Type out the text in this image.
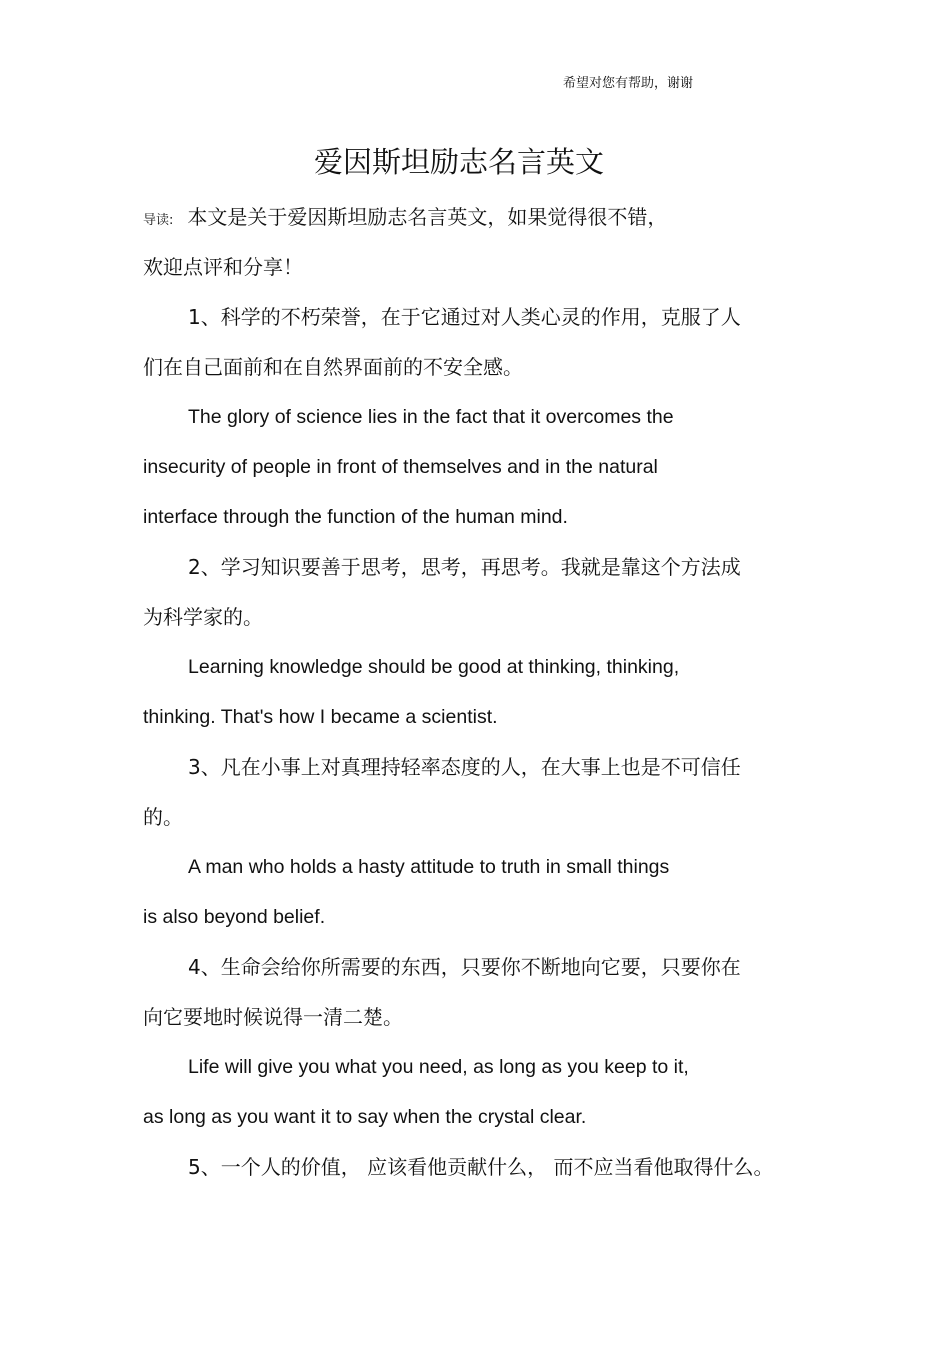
希望对您有帮助，谢谢
爱因斯坦励志名言英文
导读: 本文是关于爱因斯坦励志名言英文，如果觉得很不错，
欢迎点评和分享！
1、科学的不朽荣誉，在于它通过对人类心灵的作用，克服了人
们在自己面前和在自然界面前的不安全感。
The glory of science lies in the fact that it overcomes the
insecurity of people in front of themselves and in the natural
interface through the function of the human mind.
2、学习知识要善于思考，思考，再思考。我就是靠这个方法成
为科学家的。
Learning knowledge should be good at thinking, thinking,
thinking. That's how I became a scientist.
3、凡在小事上对真理持轻率态度的人，在大事上也是不可信任
的。
A man who holds a hasty attitude to truth in small things
is also beyond belief.
4、生命会给你所需要的东西，只要你不断地向它要，只要你在
向它要地时候说得一清二楚。
Life will give you what you need, as long as you keep to it,
as long as you want it to say when the crystal clear.
5、一个人的价值， 应该看他贡献什么， 而不应当看他取得什么。
